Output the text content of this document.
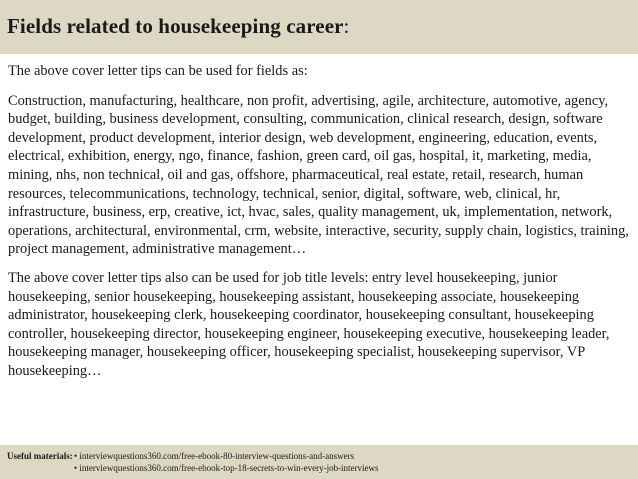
Fields related to housekeeping career:

The above cover letter tips can be used for fields as:

Construction, manufacturing, healthcare, non profit, advertising, agile, architecture, automotive, agency, budget, building, business development, consulting, communication, clinical research, design, software development, product development, interior design, web development, engineering, education, events, electrical, exhibition, energy, ngo, finance, fashion, green card, oil gas, hospital, it, marketing, media, mining, nhs, non technical, oil and gas, offshore, pharmaceutical, real estate, retail, research, human resources, telecommunications, technology, technical, senior, digital, software, web, clinical, hr, infrastructure, business, erp, creative, ict, hvac, sales, quality management, uk, implementation, network, operations, architectural, environmental, crm, website, interactive, security, supply chain, logistics, training, project management, administrative management…

The above cover letter tips also can be used for job title levels: entry level housekeeping, junior housekeeping, senior housekeeping, housekeeping assistant, housekeeping associate, housekeeping administrator, housekeeping clerk, housekeeping coordinator, housekeeping consultant, housekeeping controller, housekeeping director, housekeeping engineer, housekeeping executive, housekeeping leader, housekeeping manager, housekeeping officer, housekeeping specialist, housekeeping supervisor, VP housekeeping…

Useful materials:• interviewquestions360.com/free-ebook-80-interview-questions-and-answers
• interviewquestions360.com/free-ebook-top-18-secrets-to-win-every-job-interviews
